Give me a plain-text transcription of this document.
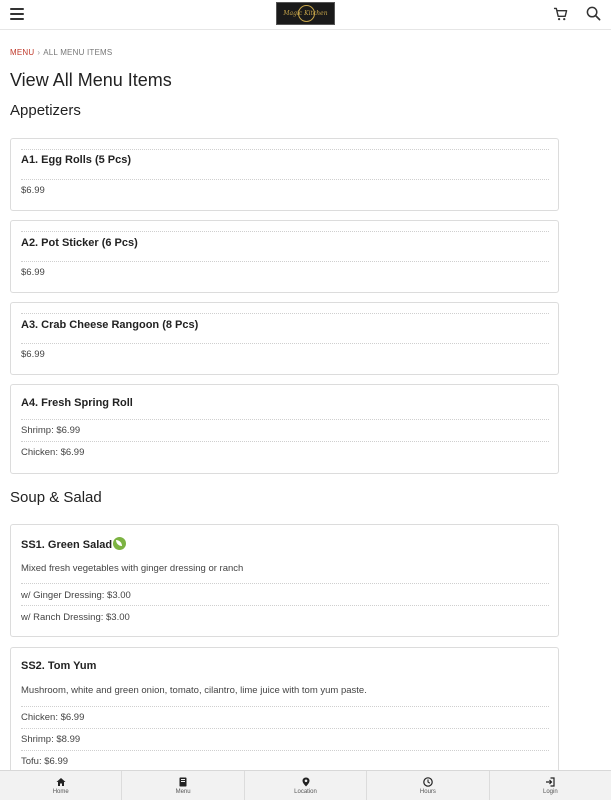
Magic Kitchen
MENU › ALL MENU ITEMS
View All Menu Items
Appetizers
A1. Egg Rolls (5 Pcs)
$6.99
A2. Pot Sticker (6 Pcs)
$6.99
A3. Crab Cheese Rangoon (8 Pcs)
$6.99
A4. Fresh Spring Roll
Shrimp: $6.99
Chicken: $6.99
Soup & Salad
SS1. Green Salad
Mixed fresh vegetables with ginger dressing or ranch
w/ Ginger Dressing: $3.00
w/ Ranch Dressing: $3.00
SS2. Tom Yum
Mushroom, white and green onion, tomato, cilantro, lime juice with tom yum paste.
Chicken: $6.99
Shrimp: $8.99
Tofu: $6.99
Home	Menu	Location	Hours	Login
